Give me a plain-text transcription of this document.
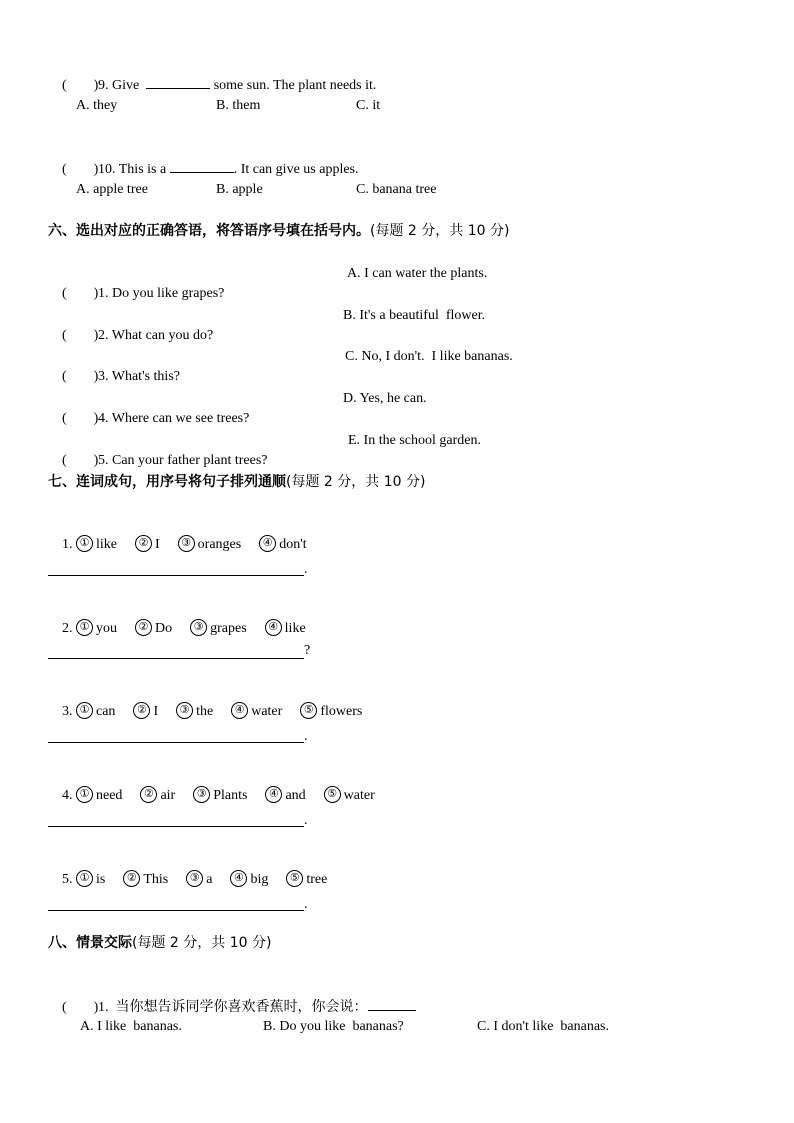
( )9. Give	some sun. The plant needs it.

A. they	B. them	C. it

( )10. This is a	. It can give us apples.

A. apple tree	B. apple	C. banana tree
六、选出对应的正确答语，将答语序号填在括号内。(每题 2 分，共 10 分)

( )1. Do you like grapes?

A. I can water the plants.

( )2. What can you do?

B. It's a beautiful  flower.

( )3. What's this?

C. No, I don't.  I like bananas.

( )4. Where can we see trees?

D. Yes, he can.

( )5. Can your father plant trees?

E. In the school garden.
七、连词成句，用序号将句子排列通顺(每题 2 分，共 10 分)

1. ① like ② I ③ oranges ④ don't

.

2. ① you ② Do ③ grapes ④ like

?

3. ① can ② I ③ the ④ water ⑤ flowers

.

4. ① need ② air ③ Plants ④ and ⑤ water

.

5. ① is ② This ③ a ④ big ⑤ tree

.
八、情景交际(每题 2 分，共 10 分)

( )1. 当你想告诉同学你喜欢香蕉时，你会说：

A. I like  bananas.	B. Do you like  bananas?	C. I don't like  bananas.
